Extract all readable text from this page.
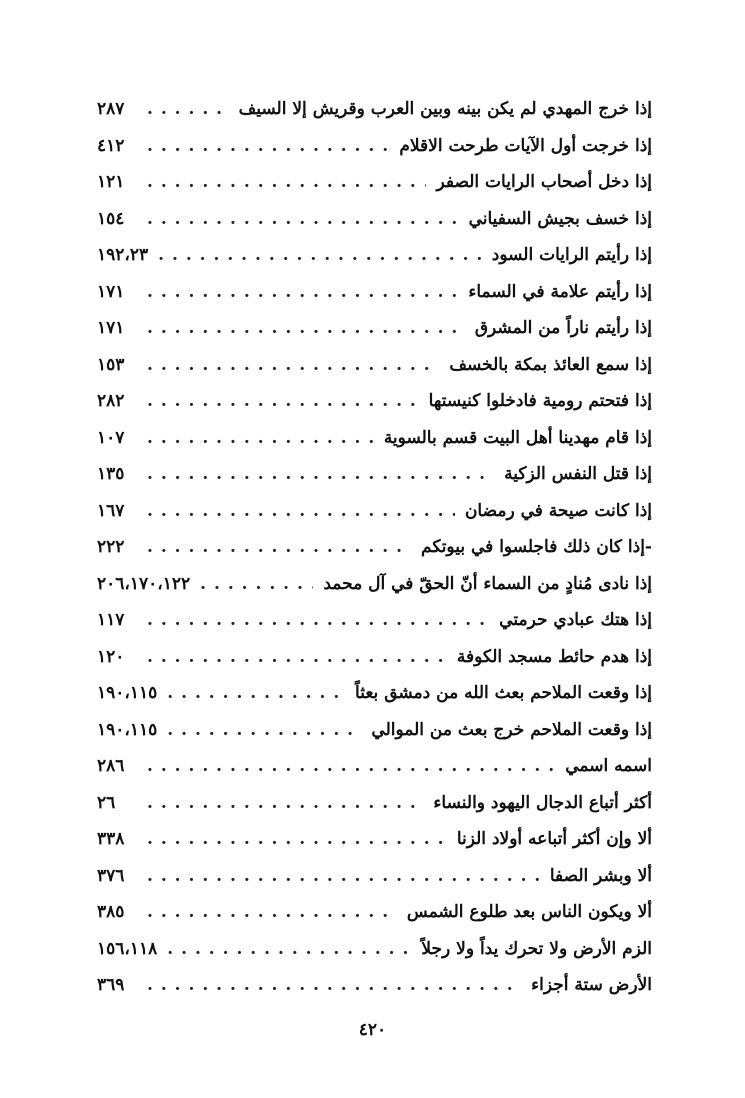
إذا خرج المهدي لم يكن بينه وبين العرب وقريش إلا السيف
. . .
٢٨٧
إذا خرجت أول الآيات طرحت الاقلام
. . .
٤١٢
إذا دخل أصحاب الرايات الصفر
. . .
١٢١
إذا خسف بجيش السفياني
. . .
١٥٤
إذا رأيتم الرايات السود
. . .
١٩٢،٢٣
إذا رأيتم علامة في السماء
. . .
١٧١
إذا رأيتم ناراً من المشرق
. . .
١٧١
إذا سمع العائذ بمكة بالخسف
. . .
١٥٣
إذا فتحتم رومية فادخلوا كنيستها
. . .
٢٨٢
إذا قام مهدينا أهل البيت قسم بالسوية
. . .
١٠٧
إذا قتل النفس الزكية
. . .
١٣٥
إذا كانت صيحة في رمضان
. . .
١٦٧
-إذا كان ذلك فاجلسوا في بيوتكم
. . .
٢٢٢
إذا نادى مُنادٍ من السماء أنّ الحقّ في آل محمد
. . .
٢٠٦،١٧٠،١٢٢
إذا هتك عبادي حرمتي
. . .
١١٧
إذا هدم حائط مسجد الكوفة
. . .
١٢٠
إذا وقعت الملاحم بعث الله من دمشق بعثاً
. . .
١٩٠،١١٥
إذا وقعت الملاحم خرج بعث من الموالي
. . .
١٩٠،١١٥
اسمه اسمي
. . .
٢٨٦
أكثر أتباع الدجال اليهود والنساء
. . .
٢٦
ألا وإن أكثر أتباعه أولاد الزنا
. . .
٣٣٨
ألا وبشر الصفا
. . .
٣٧٦
ألا ويكون الناس بعد طلوع الشمس
. . .
٣٨٥
الزم الأرض ولا تحرك يداً ولا رجلاً
. . .
١٥٦،١١٨
الأرض ستة أجزاء
. . .
٣٦٩
٤٢٠
